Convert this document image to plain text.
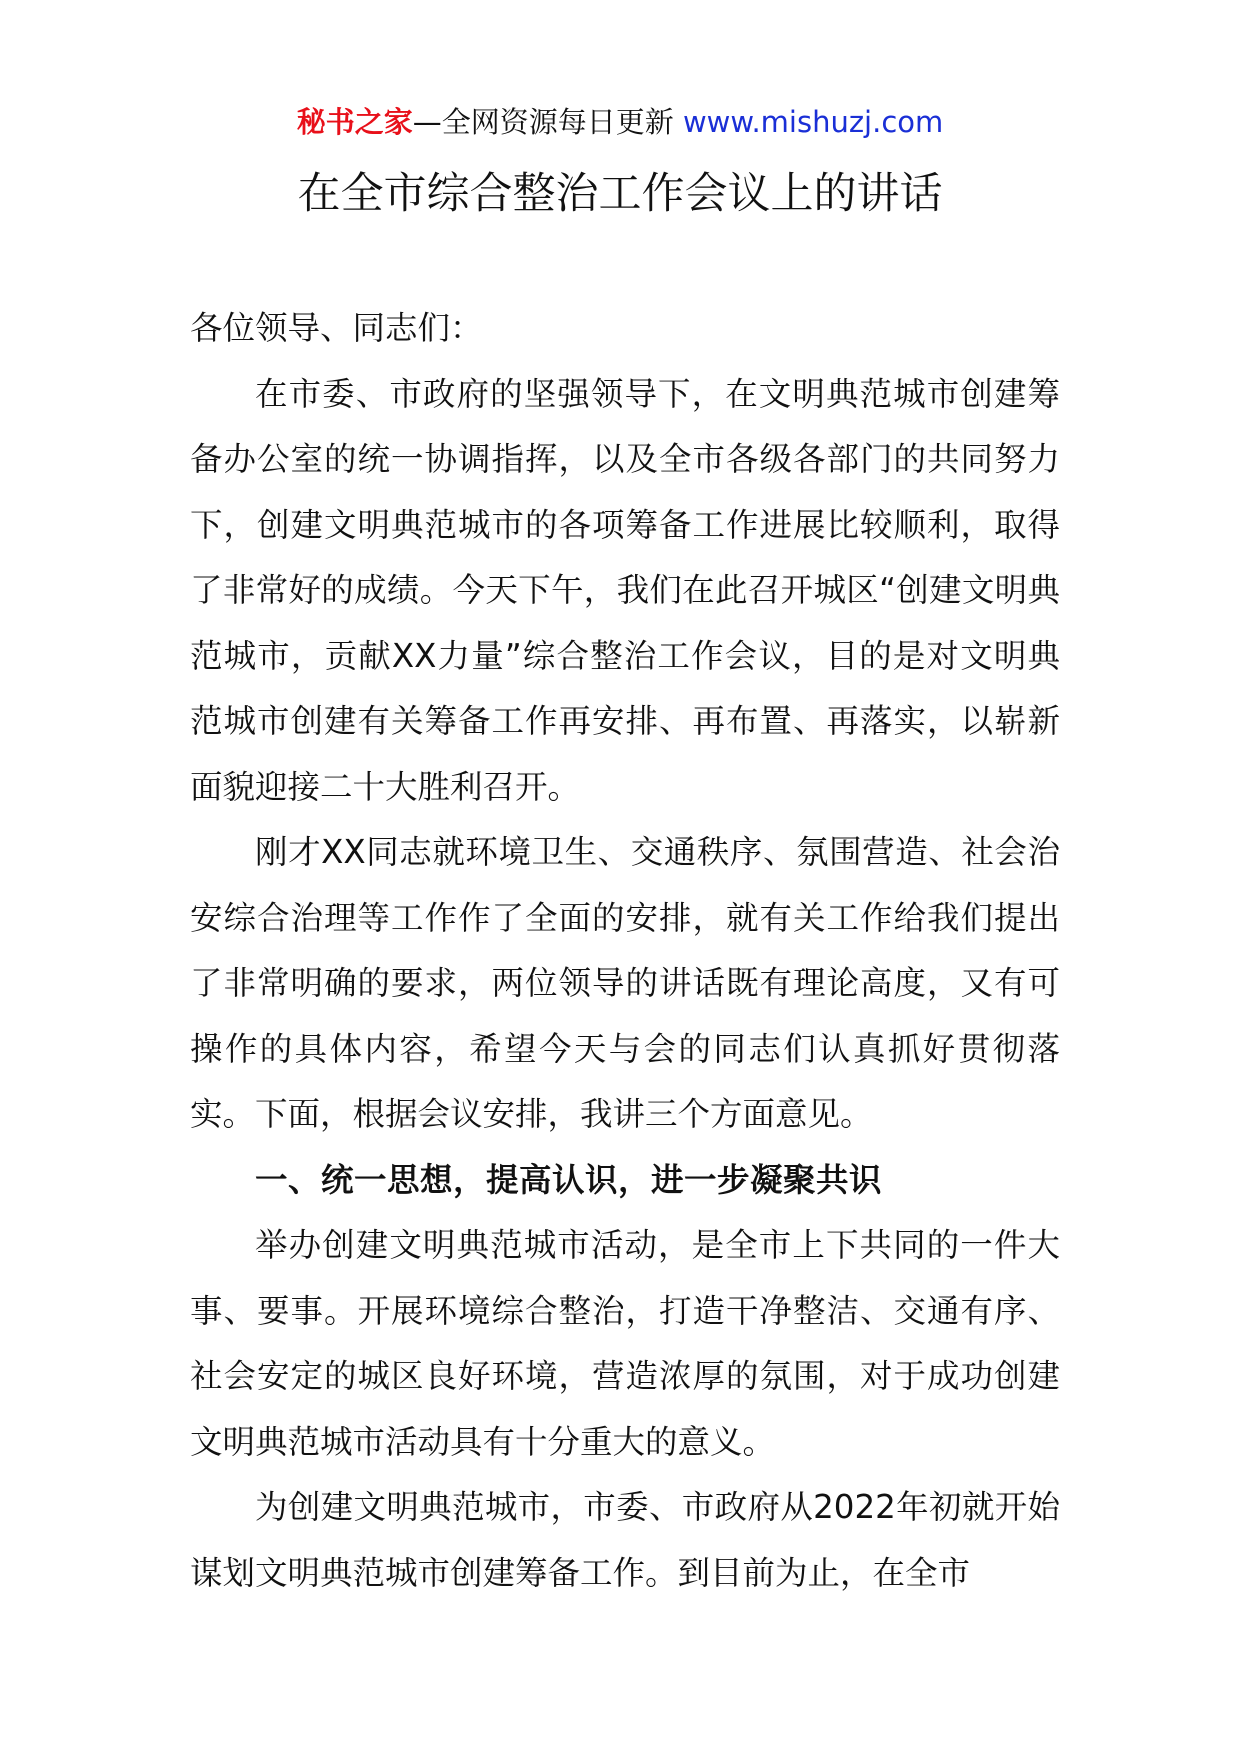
秘书之家—全网资源每日更新 www.mishuzj.com
在全市综合整治工作会议上的讲话

各位领导、同志们：

在市委、市政府的坚强领导下，在文明典范城市创建筹备办公室的统一协调指挥，以及全市各级各部门的共同努力下，创建文明典范城市的各项筹备工作进展比较顺利，取得了非常好的成绩。今天下午，我们在此召开城区“创建文明典范城市，贡献XX力量”综合整治工作会议，目的是对文明典范城市创建有关筹备工作再安排、再布置、再落实，以崭新面貌迎接二十大胜利召开。

刚才XX同志就环境卫生、交通秩序、氛围营造、社会治安综合治理等工作作了全面的安排，就有关工作给我们提出了非常明确的要求，两位领导的讲话既有理论高度，又有可操作的具体内容，希望今天与会的同志们认真抓好贯彻落实。下面，根据会议安排，我讲三个方面意见。

一、统一思想，提高认识，进一步凝聚共识

举办创建文明典范城市活动，是全市上下共同的一件大事、要事。开展环境综合整治，打造干净整洁、交通有序、社会安定的城区良好环境，营造浓厚的氛围，对于成功创建文明典范城市活动具有十分重大的意义。

为创建文明典范城市，市委、市政府从2022年初就开始谋划文明典范城市创建筹备工作。到目前为止，在全市
